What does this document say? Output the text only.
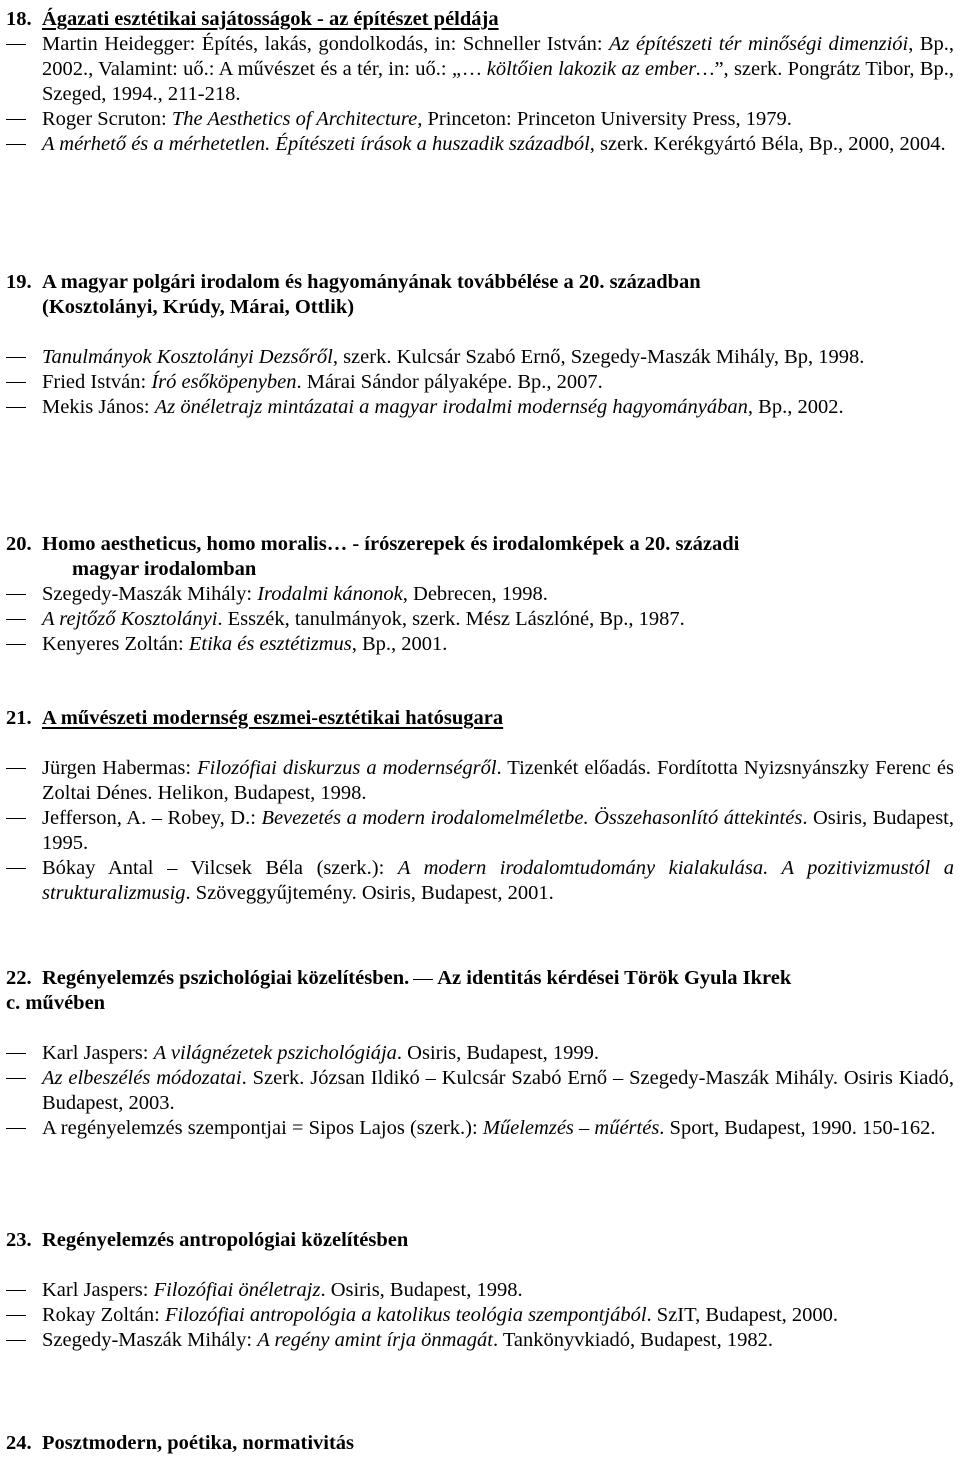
18. Ágazati esztétikai sajátosságok - az építészet példája

Martin Heidegger: Építés, lakás, gondolkodás, in: Schneller István: Az építészeti tér minőségi dimenziói, Bp., 2002., Valamint: uő.: A művészet és a tér, in: uő.: „… költőien lakozik az ember…”, szerk. Pongrátz Tibor, Bp., Szeged, 1994., 211-218.

Roger Scruton: The Aesthetics of Architecture, Princeton: Princeton University Press, 1979.

A mérhető és a mérhetetlen. Építészeti írások a huszadik századból, szerk. Kerékgyártó Béla, Bp., 2000, 2004.

19. A magyar polgári irodalom és hagyományának továbbélése a 20. században
(Kosztolányi, Krúdy, Márai, Ottlik)

Tanulmányok Kosztolányi Dezsőről, szerk. Kulcsár Szabó Ernő, Szegedy-Maszák Mihály, Bp, 1998.

Fried István: Író esőköpenyben. Márai Sándor pályaképe. Bp., 2007.

Mekis János: Az önéletrajz mintázatai a magyar irodalmi modernség hagyományában, Bp., 2002.

20. Homo aestheticus, homo moralis… - írószerepek és irodalomképek a 20. századi
magyar irodalomban

Szegedy-Maszák Mihály: Irodalmi kánonok, Debrecen, 1998.

A rejtőző Kosztolányi. Esszék, tanulmányok, szerk. Mész Lászlóné, Bp., 1987.

Kenyeres Zoltán: Etika és esztétizmus, Bp., 2001.

21. A művészeti modernség eszmei-esztétikai hatósugara

Jürgen Habermas: Filozófiai diskurzus a modernségről. Tizenkét előadás. Fordította Nyizsnyánszky Ferenc és Zoltai Dénes. Helikon, Budapest, 1998.

Jefferson, A. – Robey, D.: Bevezetés a modern irodalomelméletbe. Összehasonlító áttekintés. Osiris, Budapest, 1995.

Bókay Antal – Vilcsek Béla (szerk.): A modern irodalomtudomány kialakulása. A pozitivizmustól a strukturalizmusig. Szöveggyűjtemény. Osiris, Budapest, 2001.

22. Regényelemzés pszichológiai közelítésben. Az identitás kérdései Török Gyula Ikrek
c. művében

Karl Jaspers: A világnézetek pszichológiája. Osiris, Budapest, 1999.

Az elbeszélés módozatai. Szerk. Józsan Ildikó – Kulcsár Szabó Ernő – Szegedy-Maszák Mihály. Osiris Kiadó, Budapest, 2003.

A regényelemzés szempontjai = Sipos Lajos (szerk.): Műelemzés – műértés. Sport, Budapest, 1990. 150-162.

23. Regényelemzés antropológiai közelítésben

Karl Jaspers: Filozófiai önéletrajz. Osiris, Budapest, 1998.

Rokay Zoltán: Filozófiai antropológia a katolikus teológia szempontjából. SzIT, Budapest, 2000.

Szegedy-Maszák Mihály: A regény amint írja önmagát. Tankönyvkiadó, Budapest, 1982.

24. Posztmodern, poétika, normativitás
